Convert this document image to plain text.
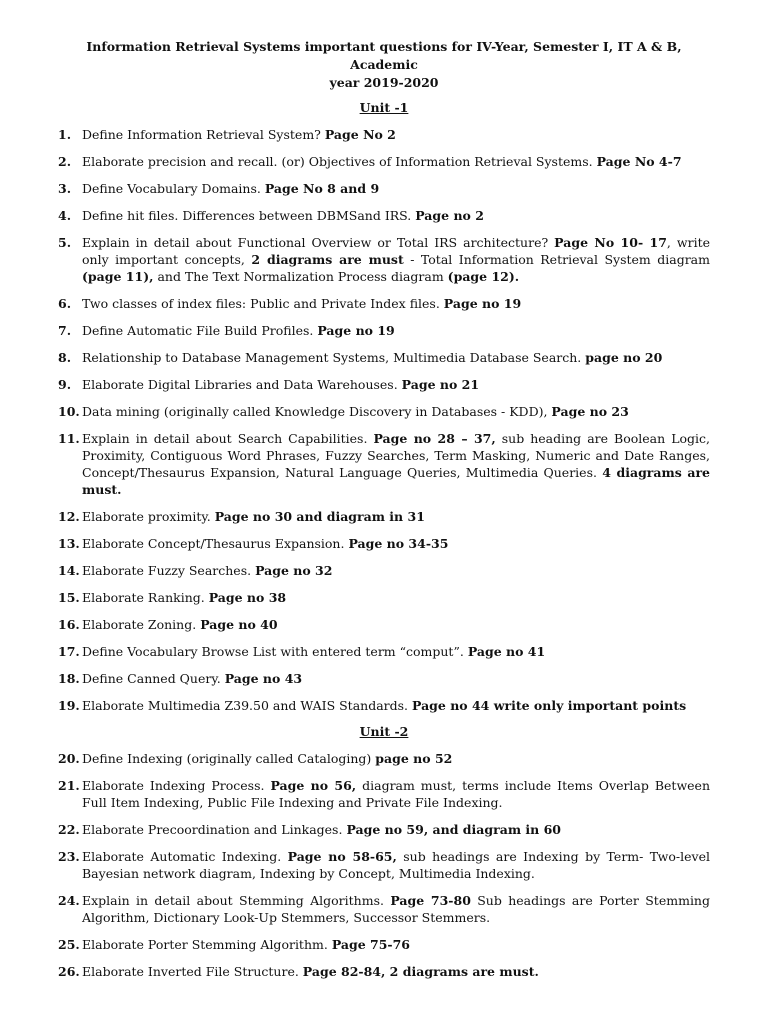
Information Retrieval Systems important questions for IV-Year, Semester I, IT A & B, Academic
year 2019-2020
Unit -1
1. Define Information Retrieval System? Page No 2
2. Elaborate precision and recall. (or) Objectives of Information Retrieval Systems. Page No 4-7
3. Define Vocabulary Domains. Page No 8 and 9
4. Define hit files. Differences between DBMSand IRS. Page no 2
5. Explain in detail about Functional Overview or Total IRS architecture? Page No 10- 17, write only important concepts, 2 diagrams are must - Total Information Retrieval System diagram (page 11), and The Text Normalization Process diagram (page 12).
6. Two classes of index files: Public and Private Index files. Page no 19
7. Define Automatic File Build Profiles. Page no 19
8. Relationship to Database Management Systems, Multimedia Database Search. page no 20
9. Elaborate Digital Libraries and Data Warehouses. Page no 21
10. Data mining (originally called Knowledge Discovery in Databases - KDD), Page no 23
11. Explain in detail about Search Capabilities. Page no 28 – 37, sub heading are Boolean Logic, Proximity, Contiguous Word Phrases, Fuzzy Searches, Term Masking, Numeric and Date Ranges, Concept/Thesaurus Expansion, Natural Language Queries, Multimedia Queries. 4 diagrams are must.
12. Elaborate proximity. Page no 30 and diagram in 31
13. Elaborate Concept/Thesaurus Expansion. Page no 34-35
14. Elaborate Fuzzy Searches. Page no 32
15. Elaborate Ranking. Page no 38
16. Elaborate Zoning. Page no 40
17. Define Vocabulary Browse List with entered term “comput”. Page no 41
18. Define Canned Query. Page no 43
19. Elaborate Multimedia Z39.50 and WAIS Standards. Page no 44 write only important points
Unit -2
20. Define Indexing (originally called Cataloging) page no 52
21. Elaborate Indexing Process. Page no 56, diagram must, terms include Items Overlap Between Full Item Indexing, Public File Indexing and Private File Indexing.
22. Elaborate Precoordination and Linkages. Page no 59, and diagram in 60
23. Elaborate Automatic Indexing. Page no 58-65, sub headings are Indexing by Term- Two-level Bayesian network diagram, Indexing by Concept, Multimedia Indexing.
24. Explain in detail about Stemming Algorithms. Page 73-80 Sub headings are Porter Stemming Algorithm, Dictionary Look-Up Stemmers, Successor Stemmers.
25. Elaborate Porter Stemming Algorithm. Page 75-76
26. Elaborate Inverted File Structure. Page 82-84, 2 diagrams are must.
